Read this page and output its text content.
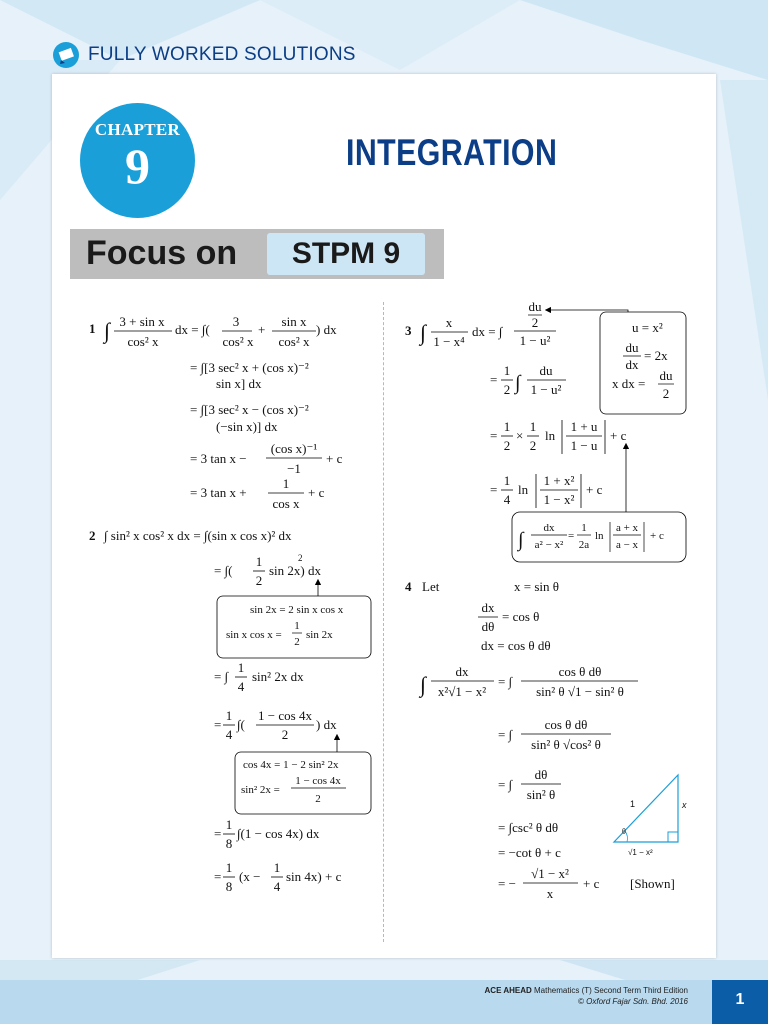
FULLY WORKED SOLUTIONS
CHAPTER
9	INTEGRATION
Focus on	STPM 9
1 ∫ 3 + sin x
cos² x
dx = ∫(
3
cos² x
+
sin x
cos² x
) dx
= ∫[3 sec² x + (cos x)⁻²
sin x] dx
= ∫[3 sec² x − (cos x)⁻²
(−sin x)] dx
= 3 tan x −
(cos x)⁻¹
−1
+ c
= 3 tan x +
1
cos x
+ c
2 ∫ sin² x cos² x dx = ∫(sin x cos x)² dx
= ∫(
1
2
sin 2x)
2
dx
sin 2x = 2 sin x cos x
sin x cos x =
1
2
sin 2x
= ∫
1
4
sin² 2x dx
=
1
4
∫(
1 − cos 4x
2
) dx
cos 4x = 1 − 2 sin² 2x
sin² 2x =
1 − cos 4x
2
=
1
8
∫(1 − cos 4x) dx
=
1
8
(x −
1
4
sin 4x) + c
3 ∫ x
1 − x⁴
dx = ∫
du
2
1 − u²
u = x²
du
dx
= 2x
x dx =
du
2
=
1
2 ∫
du
1 − u²
=
1
2
×
1
2
ln
1 + u
1 − u
+ c
=
1
4
ln
1 + x²
1 − x²
+ c
∫
dx
a² − x²
=
1
2a
ln
a + x
a − x
+ c
4 Let	x = sin θ
dx
dθ
= cos θ
dx = cos θ dθ
∫
dx
x²√1 − x²
= ∫
cos θ dθ
sin² θ √1 − sin² θ
= ∫
cos θ dθ
sin² θ √cos² θ
= ∫
dθ
sin² θ
= ∫csc² θ dθ
= −cot θ + c
= −
√1 − x²
x
+ c [Shown]
1	x
√1 − x²
θ
ACE AHEAD Mathematics (T) Second Term Third Edition
© Oxford Fajar Sdn. Bhd. 2016	1
